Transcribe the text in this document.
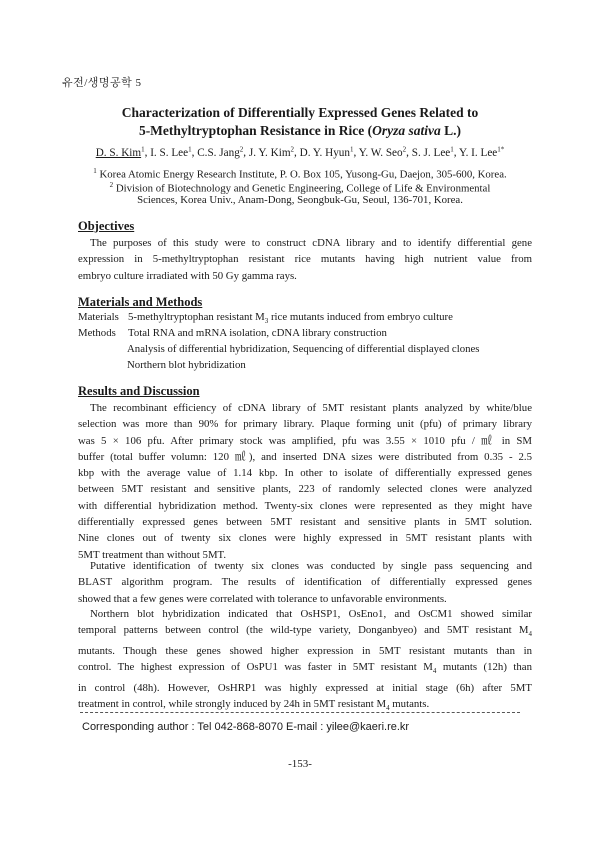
유전/생명공학 5
Characterization of Differentially Expressed Genes Related to
5-Methyltryptophan Resistance in Rice (Oryza sativa L.)
D. S. Kim$^1$, I. S. Lee$^1$, C.S. Jang$^2$, J. Y. Kim$^2$, D. Y. Hyun$^1$, Y. W. Seo$^2$, S. J. Lee$^1$, Y. I. Lee$^{1*}$
$^1$ Korea Atomic Energy Research Institute, P. O. Box 105, Yusong-Gu, Daejon, 305-600, Korea.
$^2$ Division of Biotechnology and Genetic Engineering, College of Life & Environmental
Sciences, Korea Univ., Anam-Dong, Seongbuk-Gu, Seoul, 136-701, Korea.
Objectives
The purposes of this study were to construct cDNA library and to identify differential gene
expression in 5-methyltryptophan resistant rice mutants having high nutrient value from
embryo culture irradiated with 50 Gy gamma rays.
Materials and Methods
Materials 5-methyltryptophan resistant $M_3$ rice mutants induced from embryo culture
Methods Total RNA and mRNA isolation, cDNA library construction
Analysis of differential hybridization, Sequencing of differential displayed clones
Northern blot hybridization
Results and Discussion
The recombinant efficiency of cDNA library of 5MT resistant plants analyzed by white/blue
selection was more than 90% for primary library. Plaque forming unit (pfu) of primary library
was 5 × 106 pfu. After primary stock was amplified, pfu was 3.55 × 1010 pfu / ㎖ in SM
buffer (total buffer volumn: 120 ㎖), and inserted DNA sizes were distributed from 0.35 - 2.5
kbp with the average value of 1.14 kbp. In other to isolate of differentially expressed genes
between 5MT resistant and sensitive plants, 223 of randomly selected clones were analyzed
with differential hybridization method. Twenty-six clones were represented as they might have
differentially expressed genes between 5MT resistant and sensitive plants in 5MT solution.
Nine clones out of twenty six clones were highly expressed in 5MT resistant plants with
5MT treatment than without 5MT.
Putative identification of twenty six clones was conducted by single pass sequencing and
BLAST algorithm program. The results of identification of differentially expressed genes
showed that a few genes were correlated with tolerance to unfavorable environments.
Northern blot hybridization indicated that OsHSP1, OsEno1, and OsCM1 showed similar
temporal patterns between control (the wild-type variety, Donganbyeo) and 5MT resistant $M_4$
mutants. Though these genes showed higher expression in 5MT resistant mutants than in
control. The highest expression of OsPU1 was faster in 5MT resistant $M_4$ mutants (12h) than
in control (48h). However, OsHRP1 was highly expressed at initial stage (6h) after 5MT
treatment in control, while strongly induced by 24h in 5MT resistant $M_4$ mutants.
Corresponding author : Tel 042-868-8070 E-mail : yilee@kaeri.re.kr
-153-
